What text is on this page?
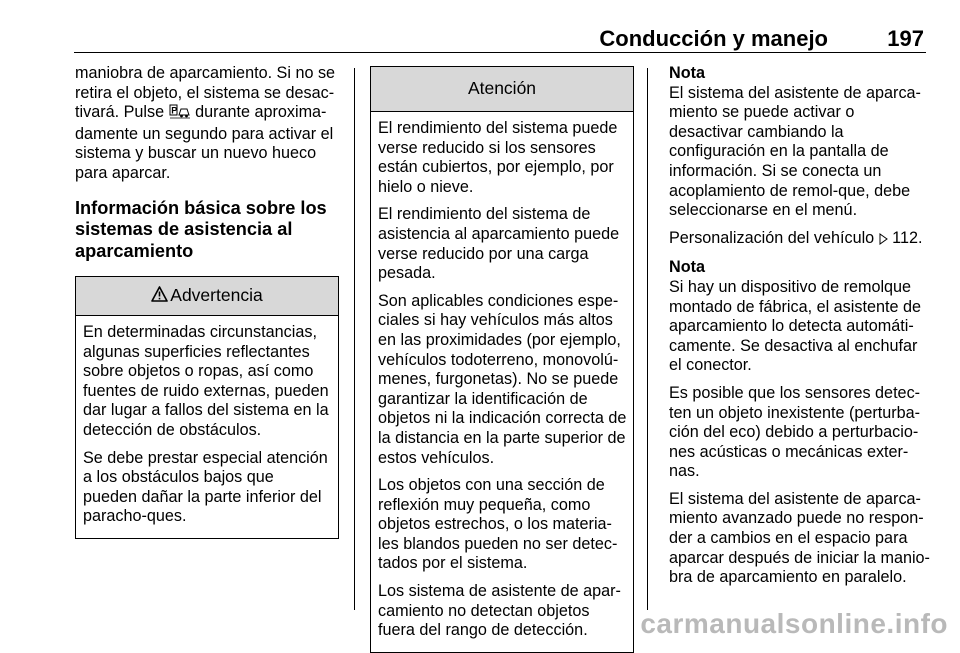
Conducción y manejo	197

maniobra de aparcamiento. Si no se retira el objeto, el sistema se desac-tivará. Pulse P durante aproxima-damente un segundo para activar el sistema y buscar un nuevo hueco para aparcar.

Información básica sobre los sistemas de asistencia al aparcamiento
Advertencia

En determinadas circunstancias, algunas superficies reflectantes sobre objetos o ropas, así como fuentes de ruido externas, pueden dar lugar a fallos del sistema en la detección de obstáculos.

Se debe prestar especial atención a los obstáculos bajos que pueden dañar la parte inferior del paracho-ques.

Atención

El rendimiento del sistema puede verse reducido si los sensores están cubiertos, por ejemplo, por hielo o nieve.

El rendimiento del sistema de asistencia al aparcamiento puede verse reducido por una carga pesada.

Son aplicables condiciones espe-ciales si hay vehículos más altos en las proximidades (por ejemplo, vehículos todoterreno, monovolú-menes, furgonetas). No se puede garantizar la identificación de objetos ni la indicación correcta de la distancia en la parte superior de estos vehículos.

Los objetos con una sección de reflexión muy pequeña, como objetos estrechos, o los materia-les blandos pueden no ser detec-tados por el sistema.

Los sistema de asistente de apar-camiento no detectan objetos fuera del rango de detección.

Nota

El sistema del asistente de aparca-miento se puede activar o desactivar cambiando la configuración en la pantalla de información. Si se conecta un acoplamiento de remol-que, debe seleccionarse en el menú.

Personalización del vehículo 112.

Nota

Si hay un dispositivo de remolque montado de fábrica, el asistente de aparcamiento lo detecta automáti-camente. Se desactiva al enchufar el conector.

Es posible que los sensores detec-ten un objeto inexistente (perturba-ción del eco) debido a perturbacio-nes acústicas o mecánicas exter-nas.

El sistema del asistente de aparca-miento avanzado puede no respon-der a cambios en el espacio para aparcar después de iniciar la manio-bra de aparcamiento en paralelo.

carmanualsonline.info
